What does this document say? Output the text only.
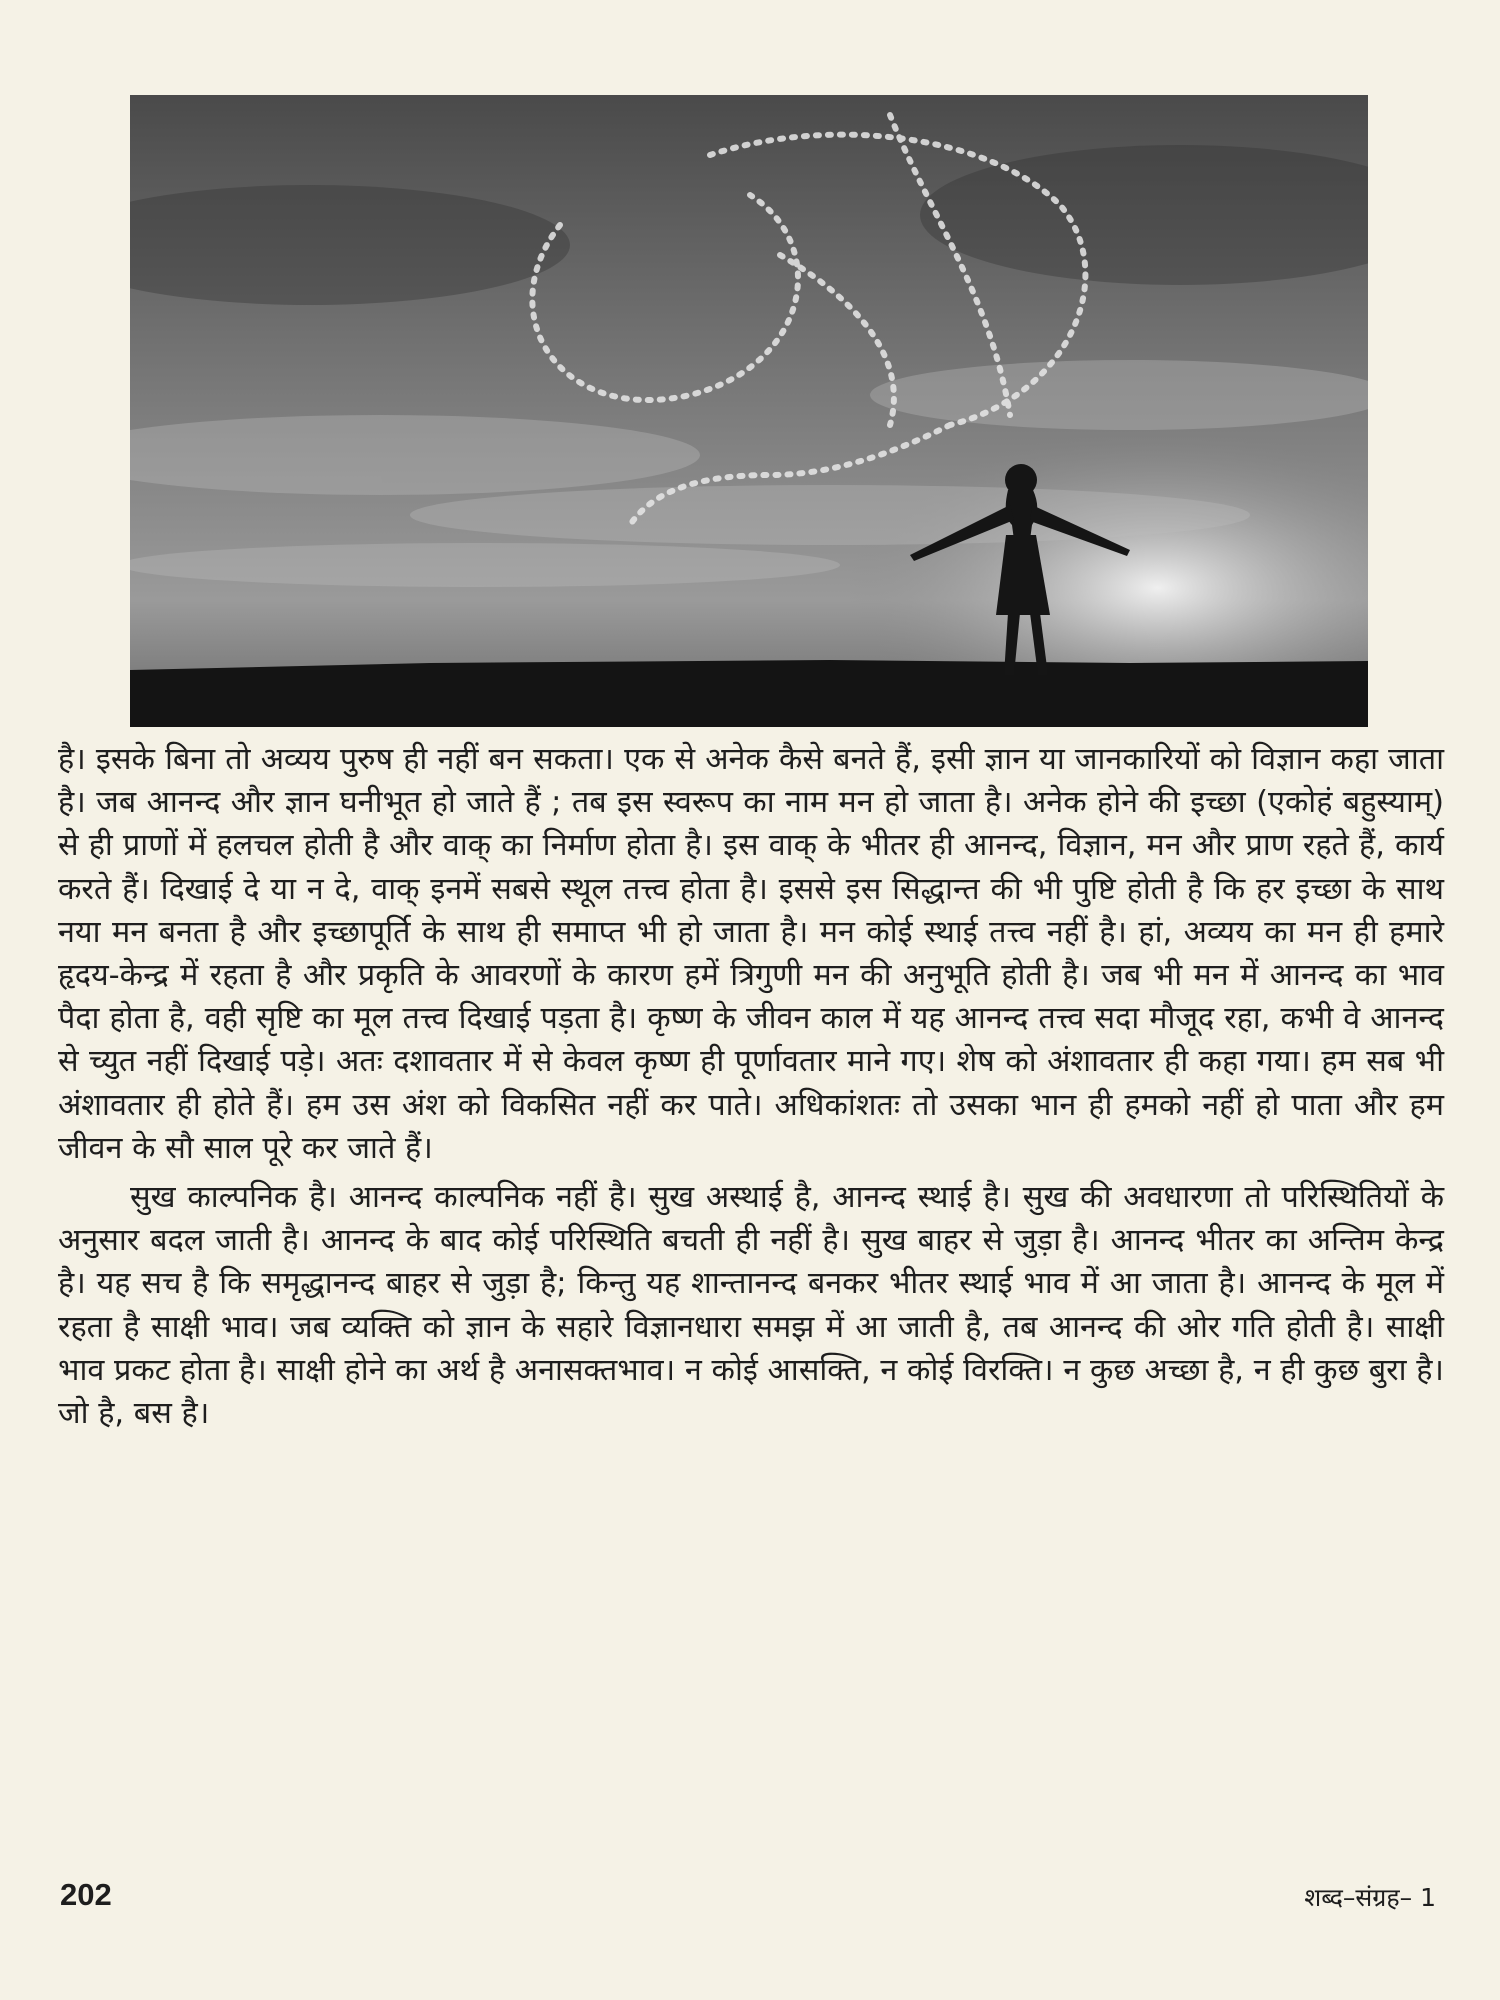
है। इसके बिना तो अव्यय पुरुष ही नहीं बन सकता। एक से अनेक कैसे बनते हैं, इसी ज्ञान या जानकारियों को विज्ञान कहा जाता है। जब आनन्द और ज्ञान घनीभूत हो जाते हैं ; तब इस स्वरूप का नाम मन हो जाता है। अनेक होने की इच्छा (एकोहं बहुस्याम्) से ही प्राणों में हलचल होती है और वाक् का निर्माण होता है। इस वाक् के भीतर ही आनन्द, विज्ञान, मन और प्राण रहते हैं, कार्य करते हैं। दिखाई दे या न दे, वाक् इनमें सबसे स्थूल तत्त्व होता है। इससे इस सिद्धान्त की भी पुष्टि होती है कि हर इच्छा के साथ नया मन बनता है और इच्छापूर्ति के साथ ही समाप्त भी हो जाता है। मन कोई स्थाई तत्त्व नहीं है। हां, अव्यय का मन ही हमारे हृदय-केन्द्र में रहता है और प्रकृति के आवरणों के कारण हमें त्रिगुणी मन की अनुभूति होती है। जब भी मन में आनन्द का भाव पैदा होता है, वही सृष्टि का मूल तत्त्व दिखाई पड़ता है। कृष्ण के जीवन काल में यह आनन्द तत्त्व सदा मौजूद रहा, कभी वे आनन्द से च्युत नहीं दिखाई पड़े। अतः दशावतार में से केवल कृष्ण ही पूर्णावतार माने गए। शेष को अंशावतार ही कहा गया। हम सब भी अंशावतार ही होते हैं। हम उस अंश को विकसित नहीं कर पाते। अधिकांशतः तो उसका भान ही हमको नहीं हो पाता और हम जीवन के सौ साल पूरे कर जाते हैं।

सुख काल्पनिक है। आनन्द काल्पनिक नहीं है। सुख अस्थाई है, आनन्द स्थाई है। सुख की अवधारणा तो परिस्थितियों के अनुसार बदल जाती है। आनन्द के बाद कोई परिस्थिति बचती ही नहीं है। सुख बाहर से जुड़ा है। आनन्द भीतर का अन्तिम केन्द्र है। यह सच है कि समृद्धानन्द बाहर से जुड़ा है; किन्तु यह शान्तानन्द बनकर भीतर स्थाई भाव में आ जाता है। आनन्द के मूल में रहता है साक्षी भाव। जब व्यक्ति को ज्ञान के सहारे विज्ञानधारा समझ में आ जाती है, तब आनन्द की ओर गति होती है। साक्षी भाव प्रकट होता है। साक्षी होने का अर्थ है अनासक्तभाव। न कोई आसक्ति, न कोई विरक्ति। न कुछ अच्छा है, न ही कुछ बुरा है। जो है, बस है।

202	शब्द–संग्रह– 1
